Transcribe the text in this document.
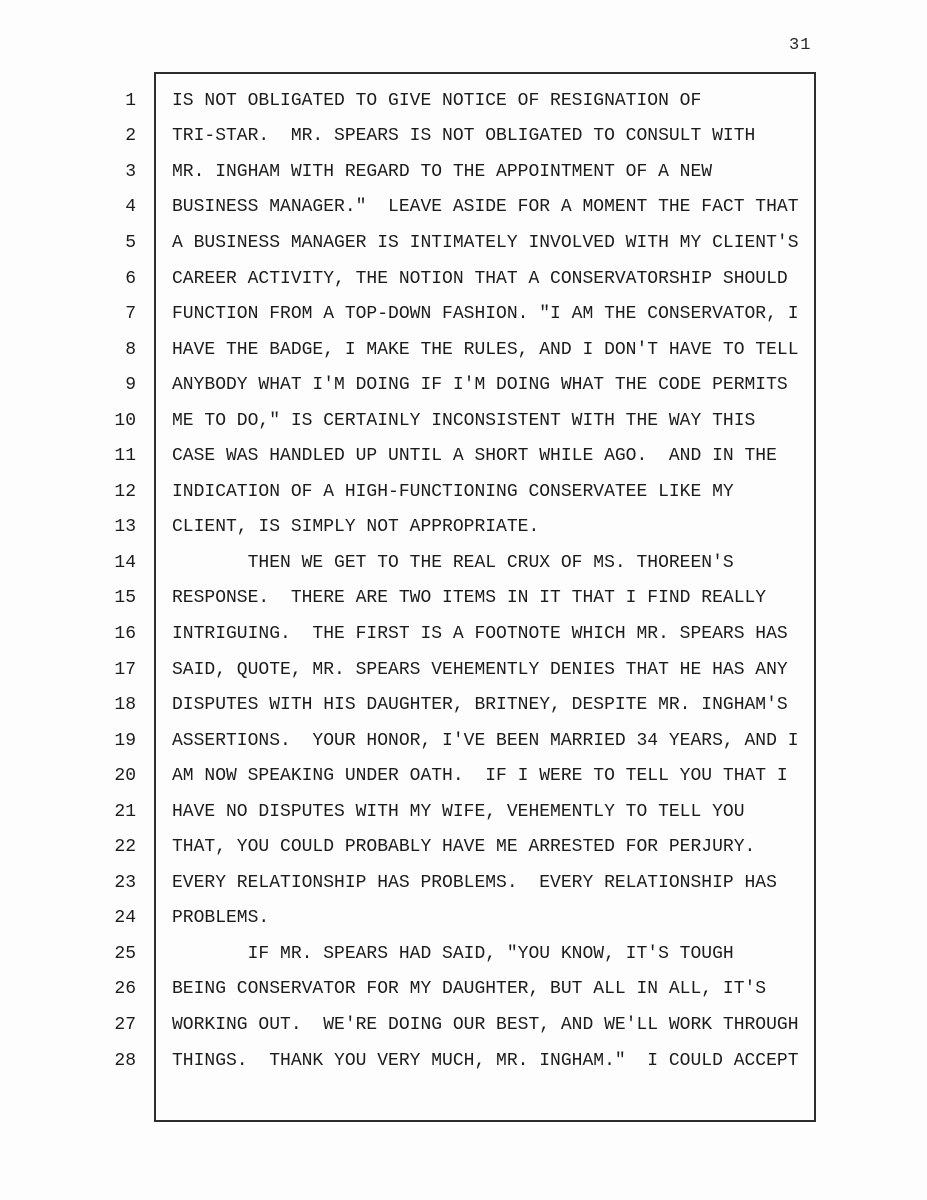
31
1 IS NOT OBLIGATED TO GIVE NOTICE OF RESIGNATION OF
2 TRI-STAR.  MR. SPEARS IS NOT OBLIGATED TO CONSULT WITH
3 MR. INGHAM WITH REGARD TO THE APPOINTMENT OF A NEW
4 BUSINESS MANAGER."  LEAVE ASIDE FOR A MOMENT THE FACT THAT
5 A BUSINESS MANAGER IS INTIMATELY INVOLVED WITH MY CLIENT'S
6 CAREER ACTIVITY, THE NOTION THAT A CONSERVATORSHIP SHOULD
7 FUNCTION FROM A TOP-DOWN FASHION. "I AM THE CONSERVATOR, I
8 HAVE THE BADGE, I MAKE THE RULES, AND I DON'T HAVE TO TELL
9 ANYBODY WHAT I'M DOING IF I'M DOING WHAT THE CODE PERMITS
10 ME TO DO," IS CERTAINLY INCONSISTENT WITH THE WAY THIS
11 CASE WAS HANDLED UP UNTIL A SHORT WHILE AGO.  AND IN THE
12 INDICATION OF A HIGH-FUNCTIONING CONSERVATEE LIKE MY
13 CLIENT, IS SIMPLY NOT APPROPRIATE.
14 THEN WE GET TO THE REAL CRUX OF MS. THOREEN'S
15 RESPONSE.  THERE ARE TWO ITEMS IN IT THAT I FIND REALLY
16 INTRIGUING.  THE FIRST IS A FOOTNOTE WHICH MR. SPEARS HAS
17 SAID, QUOTE, MR. SPEARS VEHEMENTLY DENIES THAT HE HAS ANY
18 DISPUTES WITH HIS DAUGHTER, BRITNEY, DESPITE MR. INGHAM'S
19 ASSERTIONS.  YOUR HONOR, I'VE BEEN MARRIED 34 YEARS, AND I
20 AM NOW SPEAKING UNDER OATH.  IF I WERE TO TELL YOU THAT I
21 HAVE NO DISPUTES WITH MY WIFE, VEHEMENTLY TO TELL YOU
22 THAT, YOU COULD PROBABLY HAVE ME ARRESTED FOR PERJURY.
23 EVERY RELATIONSHIP HAS PROBLEMS.  EVERY RELATIONSHIP HAS
24 PROBLEMS.
25 IF MR. SPEARS HAD SAID, "YOU KNOW, IT'S TOUGH
26 BEING CONSERVATOR FOR MY DAUGHTER, BUT ALL IN ALL, IT'S
27 WORKING OUT.  WE'RE DOING OUR BEST, AND WE'LL WORK THROUGH
28 THINGS.  THANK YOU VERY MUCH, MR. INGHAM."  I COULD ACCEPT
